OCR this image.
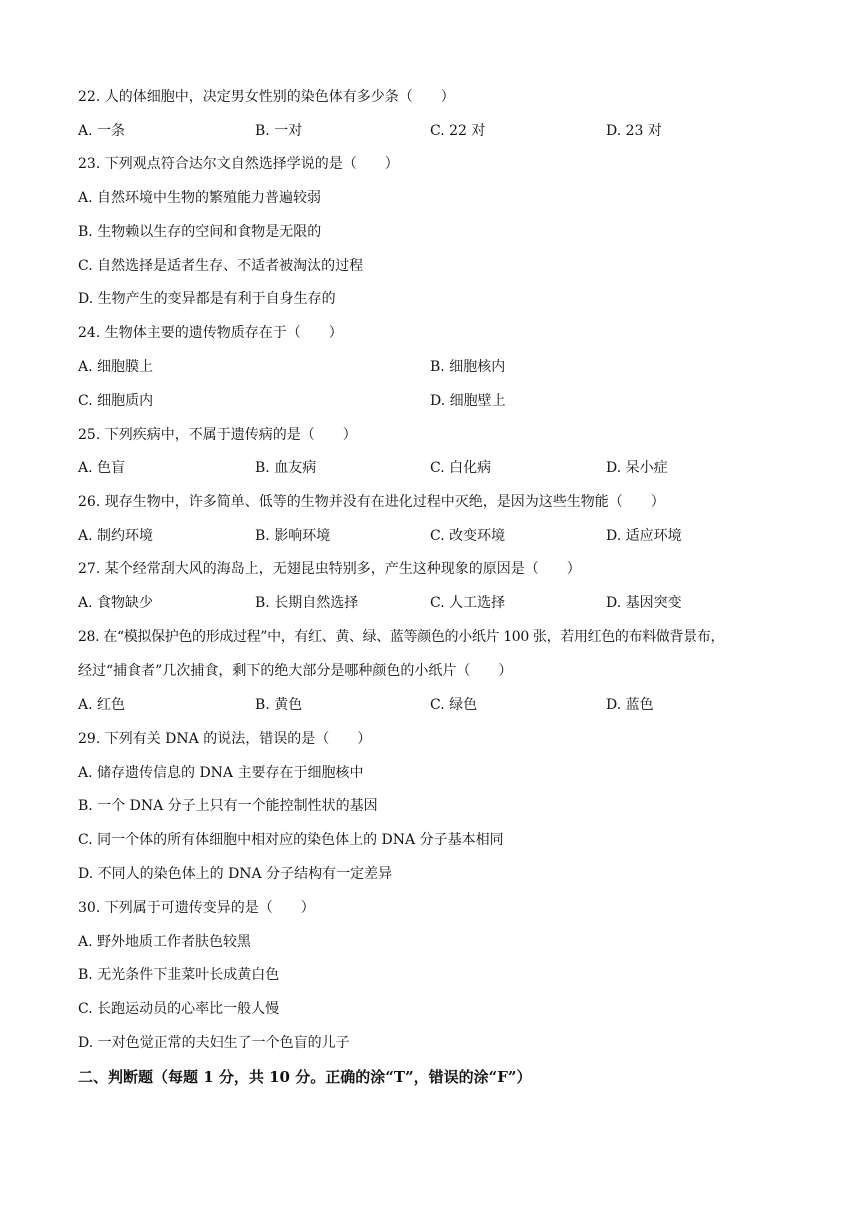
22. 人的体细胞中，决定男女性别的染色体有多少条（　　）
A. 一条	B. 一对	C. 22 对	D. 23 对
23. 下列观点符合达尔文自然选择学说的是（　　）
A. 自然环境中生物的繁殖能力普遍较弱
B. 生物赖以生存的空间和食物是无限的
C. 自然选择是适者生存、不适者被淘汰的过程
D. 生物产生的变异都是有利于自身生存的
24. 生物体主要的遗传物质存在于（　　）
A. 细胞膜上	B. 细胞核内
C. 细胞质内	D. 细胞壁上
25. 下列疾病中，不属于遗传病的是（　　）
A. 色盲	B. 血友病	C. 白化病	D. 呆小症
26. 现存生物中，许多简单、低等的生物并没有在进化过程中灭绝，是因为这些生物能（　　）
A. 制约环境	B. 影响环境	C. 改变环境	D. 适应环境
27. 某个经常刮大风的海岛上，无翅昆虫特别多，产生这种现象的原因是（　　）
A. 食物缺少	B. 长期自然选择	C. 人工选择	D. 基因突变
28. 在“模拟保护色的形成过程”中，有红、黄、绿、蓝等颜色的小纸片 100 张，若用红色的布料做背景布，
经过“捕食者”几次捕食，剩下的绝大部分是哪种颜色的小纸片（　　）
A. 红色	B. 黄色	C. 绿色	D. 蓝色
29. 下列有关 DNA 的说法，错误的是（　　）
A. 储存遗传信息的 DNA 主要存在于细胞核中
B. 一个 DNA 分子上只有一个能控制性状的基因
C. 同一个体的所有体细胞中相对应的染色体上的 DNA 分子基本相同
D. 不同人的染色体上的 DNA 分子结构有一定差异
30. 下列属于可遗传变异的是（　　）
A. 野外地质工作者肤色较黑
B. 无光条件下韭菜叶长成黄白色
C. 长跑运动员的心率比一般人慢
D. 一对色觉正常的夫妇生了一个色盲的儿子
二、判断题（每题 1 分，共 10 分。正确的涂“T”，错误的涂“F”）
